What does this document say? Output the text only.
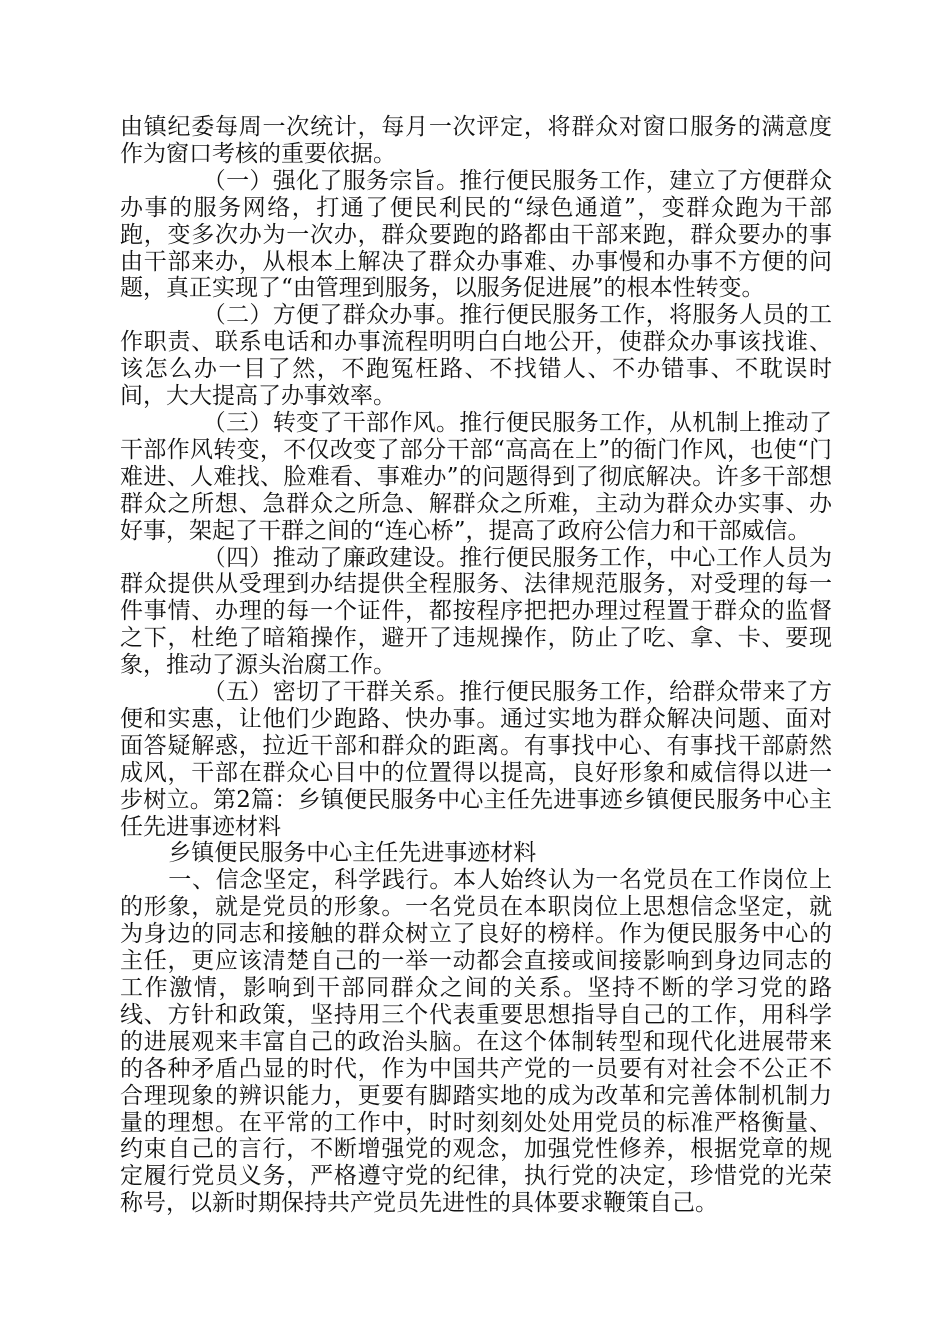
由镇纪委每周一次统计，每月一次评定，将群众对窗口服务的满意度作为窗口考核的重要依据。

（一）强化了服务宗旨。推行便民服务工作，建立了方便群众办事的服务网络，打通了便民利民的“绿色通道”，变群众跑为干部跑，变多次办为一次办，群众要跑的路都由干部来跑，群众要办的事由干部来办，从根本上解决了群众办事难、办事慢和办事不方便的问题，真正实现了“由管理到服务，以服务促进展”的根本性转变。

（二）方便了群众办事。推行便民服务工作，将服务人员的工作职责、联系电话和办事流程明明白白地公开，使群众办事该找谁、该怎么办一目了然，不跑冤枉路、不找错人、不办错事、不耽误时间，大大提高了办事效率。

（三）转变了干部作风。推行便民服务工作，从机制上推动了干部作风转变，不仅改变了部分干部“高高在上”的衙门作风，也使“门难进、人难找、脸难看、事难办”的问题得到了彻底解决。许多干部想群众之所想、急群众之所急、解群众之所难，主动为群众办实事、办好事，架起了干群之间的“连心桥”，提高了政府公信力和干部威信。

（四）推动了廉政建设。推行便民服务工作，中心工作人员为群众提供从受理到办结提供全程服务、法律规范服务，对受理的每一件事情、办理的每一个证件，都按程序把把办理过程置于群众的监督之下，杜绝了暗箱操作，避开了违规操作，防止了吃、拿、卡、要现象，推动了源头治腐工作。

（五）密切了干群关系。推行便民服务工作，给群众带来了方便和实惠，让他们少跑路、快办事。通过实地为群众解决问题、面对面答疑解惑，拉近干部和群众的距离。有事找中心、有事找干部蔚然成风，干部在群众心目中的位置得以提高，良好形象和威信得以进一步树立。第2篇：乡镇便民服务中心主任先进事迹乡镇便民服务中心主任先进事迹材料

乡镇便民服务中心主任先进事迹材料

一、信念坚定，科学践行。本人始终认为一名党员在工作岗位上的形象，就是党员的形象。一名党员在本职岗位上思想信念坚定，就为身边的同志和接触的群众树立了良好的榜样。作为便民服务中心的主任，更应该清楚自己的一举一动都会直接或间接影响到身边同志的工作激情，影响到干部同群众之间的关系。坚持不断的学习党的路线、方针和政策，坚持用三个代表重要思想指导自己的工作，用科学的进展观来丰富自己的政治头脑。在这个体制转型和现代化进展带来的各种矛盾凸显的时代，作为中国共产党的一员要有对社会不公正不合理现象的辨识能力，更要有脚踏实地的成为改革和完善体制机制力量的理想。在平常的工作中，时时刻刻处处用党员的标准严格衡量、约束自己的言行，不断增强党的观念，加强党性修养，根据党章的规定履行党员义务，严格遵守党的纪律，执行党的决定，珍惜党的光荣称号，以新时期保持共产党员先进性的具体要求鞭策自己。
